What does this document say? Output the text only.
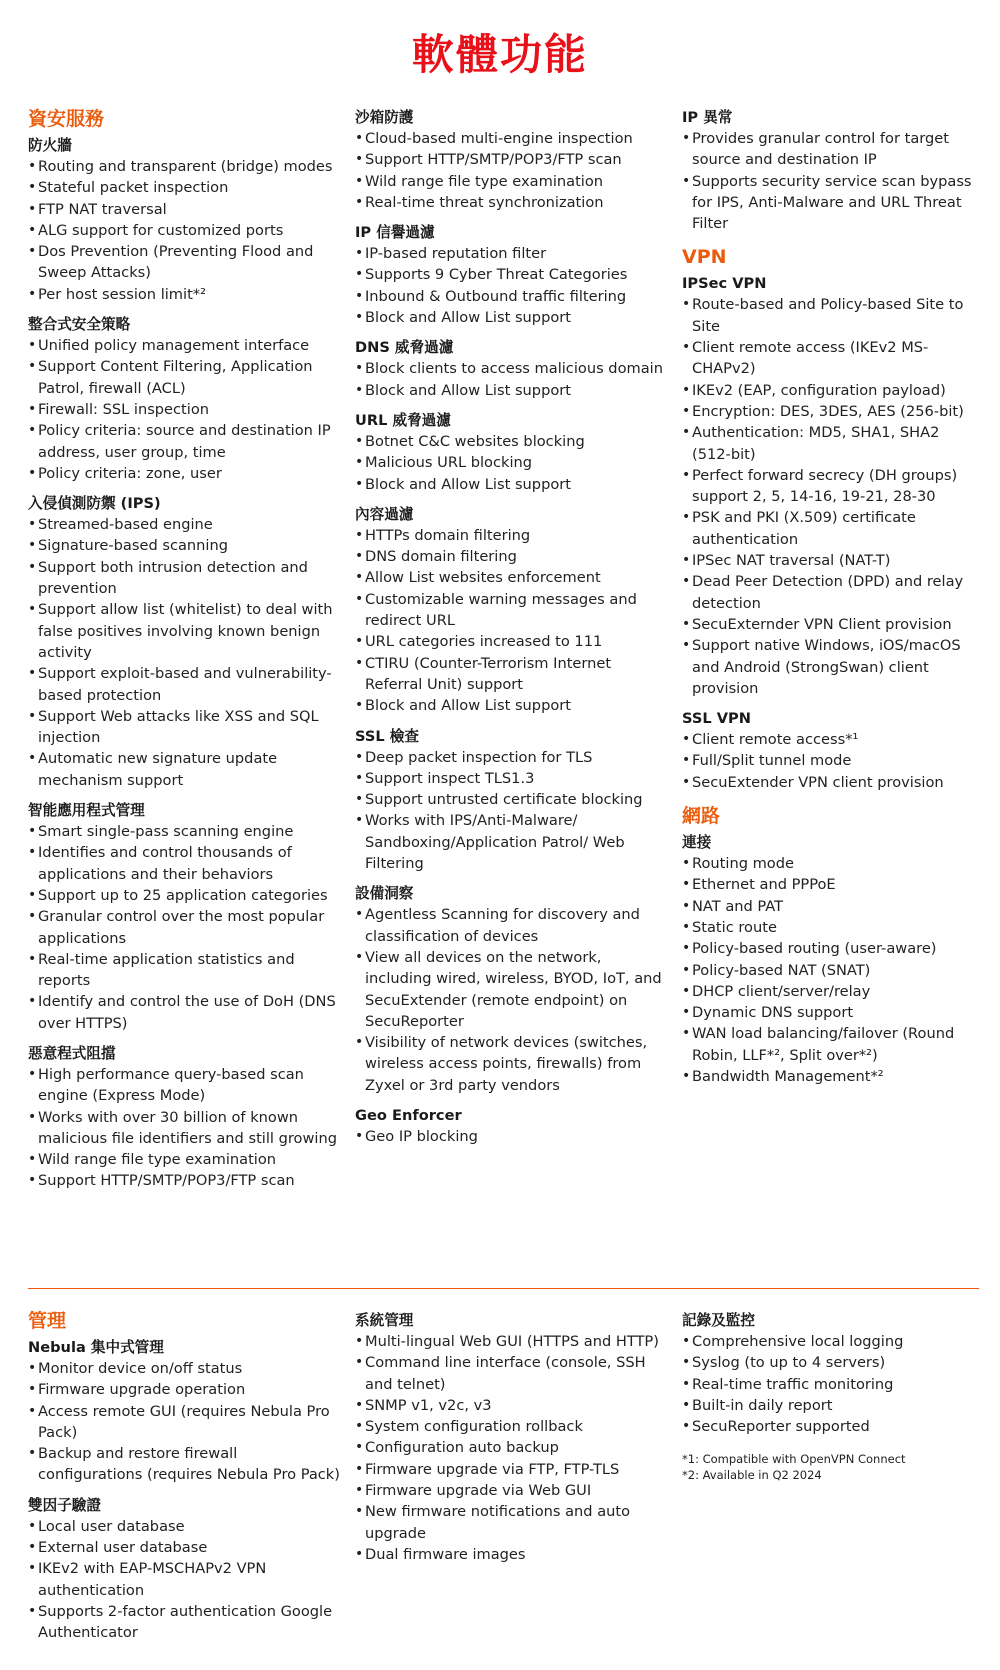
軟體功能
資安服務
防火牆
• Routing and transparent (bridge) modes
• Stateful packet inspection
• FTP NAT traversal
• ALG support for customized ports
• Dos Prevention (Preventing Flood and Sweep Attacks)
• Per host session limit*²
整合式安全策略
• Unified policy management interface
• Support Content Filtering, Application Patrol, firewall (ACL)
• Firewall: SSL inspection
• Policy criteria: source and destination IP address, user group, time
• Policy criteria: zone, user
入侵偵測防禦 (IPS)
• Streamed-based engine
• Signature-based scanning
• Support both intrusion detection and prevention
• Support allow list (whitelist) to deal with false positives involving known benign activity
• Support exploit-based and vulnerability-based protection
• Support Web attacks like XSS and SQL injection
• Automatic new signature update mechanism support
智能應用程式管理
• Smart single-pass scanning engine
• Identifies and control thousands of applications and their behaviors
• Support up to 25 application categories
• Granular control over the most popular applications
• Real-time application statistics and reports
• Identify and control the use of DoH (DNS over HTTPS)
惡意程式阻擋
• High performance query-based scan engine (Express Mode)
• Works with over 30 billion of known malicious file identifiers and still growing
• Wild range file type examination
• Support HTTP/SMTP/POP3/FTP scan
沙箱防護
• Cloud-based multi-engine inspection
• Support HTTP/SMTP/POP3/FTP scan
• Wild range file type examination
• Real-time threat synchronization
IP 信譽過濾
• IP-based reputation filter
• Supports 9 Cyber Threat Categories
• Inbound & Outbound traffic filtering
• Block and Allow List support
DNS 威脅過濾
• Block clients to access malicious domain
• Block and Allow List support
URL 威脅過濾
• Botnet C&C websites blocking
• Malicious URL blocking
• Block and Allow List support
內容過濾
• HTTPs domain filtering
• DNS domain filtering
• Allow List websites enforcement
• Customizable warning messages and redirect URL
• URL categories increased to 111
• CTIRU (Counter-Terrorism Internet Referral Unit) support
• Block and Allow List support
SSL 檢查
• Deep packet inspection for TLS
• Support inspect TLS1.3
• Support untrusted certificate blocking
• Works with IPS/Anti-Malware/ Sandboxing/Application Patrol/ Web Filtering
設備洞察
• Agentless Scanning for discovery and classification of devices
• View all devices on the network, including wired, wireless, BYOD, IoT, and SecuExtender (remote endpoint) on SecuReporter
• Visibility of network devices (switches, wireless access points, firewalls) from Zyxel or 3rd party vendors
Geo Enforcer
• Geo IP blocking
IP 異常
• Provides granular control for target source and destination IP
• Supports security service scan bypass for IPS, Anti-Malware and URL Threat Filter
VPN
IPSec VPN
• Route-based and Policy-based Site to Site
• Client remote access (IKEv2 MS-CHAPv2)
• IKEv2 (EAP, configuration payload)
• Encryption: DES, 3DES, AES (256-bit)
• Authentication: MD5, SHA1, SHA2 (512-bit)
• Perfect forward secrecy (DH groups) support 2, 5, 14-16, 19-21, 28-30
• PSK and PKI (X.509) certificate authentication
• IPSec NAT traversal (NAT-T)
• Dead Peer Detection (DPD) and relay detection
• SecuExternder VPN Client provision
• Support native Windows, iOS/macOS and Android (StrongSwan) client provision
SSL VPN
• Client remote access*¹
• Full/Split tunnel mode
• SecuExtender VPN client provision
網路
連接
• Routing mode
• Ethernet and PPPoE
• NAT and PAT
• Static route
• Policy-based routing (user-aware)
• Policy-based NAT (SNAT)
• DHCP client/server/relay
• Dynamic DNS support
• WAN load balancing/failover (Round Robin, LLF*², Split over*²)
• Bandwidth Management*²
管理
Nebula 集中式管理
• Monitor device on/off status
• Firmware upgrade operation
• Access remote GUI (requires Nebula Pro Pack)
• Backup and restore firewall configurations (requires Nebula Pro Pack)
雙因子驗證
• Local user database
• External user database
• IKEv2 with EAP-MSCHAPv2 VPN authentication
• Supports 2-factor authentication Google Authenticator
系統管理
• Multi-lingual Web GUI (HTTPS and HTTP)
• Command line interface (console, SSH and telnet)
• SNMP v1, v2c, v3
• System configuration rollback
• Configuration auto backup
• Firmware upgrade via FTP, FTP-TLS
• Firmware upgrade via Web GUI
• New firmware notifications and auto upgrade
• Dual firmware images
記錄及監控
• Comprehensive local logging
• Syslog (to up to 4 servers)
• Real-time traffic monitoring
• Built-in daily report
• SecuReporter supported
*1: Compatible with OpenVPN Connect
*2: Available in Q2 2024
